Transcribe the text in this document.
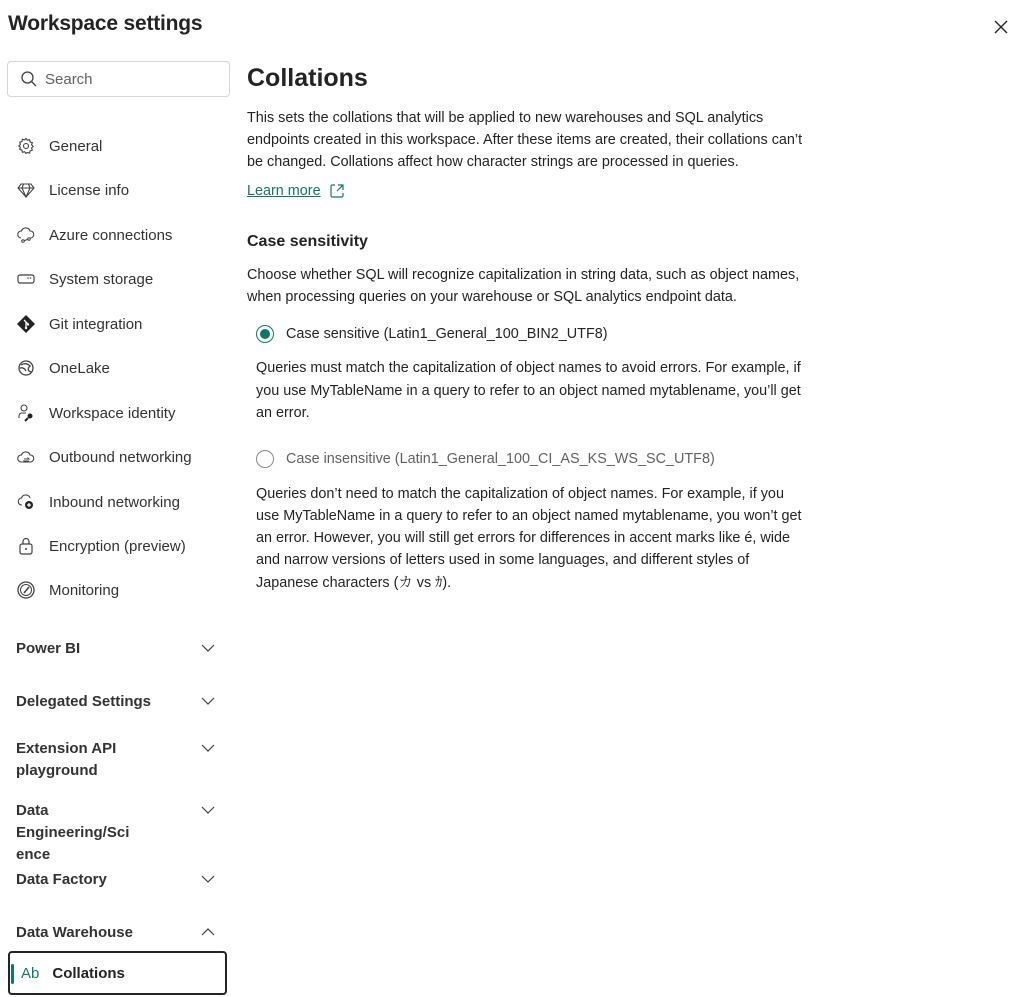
Workspace settings
Search
General
License info
Azure connections
System storage
Git integration
OneLake
Workspace identity
Outbound networking
Inbound networking
Encryption (preview)
Monitoring
Power BI
Delegated Settings
Extension API playground
Data Engineering/Science
Data Factory
Data Warehouse
Ab Collations
Collations
This sets the collations that will be applied to new warehouses and SQL analytics
endpoints created in this workspace. After these items are created, their collations can’t
be changed. Collations affect how character strings are processed in queries.
Learn more
Case sensitivity
Choose whether SQL will recognize capitalization in string data, such as object names,
when processing queries on your warehouse or SQL analytics endpoint data.
Case sensitive (Latin1_General_100_BIN2_UTF8)
Queries must match the capitalization of object names to avoid errors. For example, if
you use MyTableName in a query to refer to an object named mytablename, you’ll get
an error.
Case insensitive (Latin1_General_100_CI_AS_KS_WS_SC_UTF8)
Queries don’t need to match the capitalization of object names. For example, if you
use MyTableName in a query to refer to an object named mytablename, you won’t get
an error. However, you will still get errors for differences in accent marks like é, wide
and narrow versions of letters used in some languages, and different styles of
Japanese characters (カ vs ｶ).
